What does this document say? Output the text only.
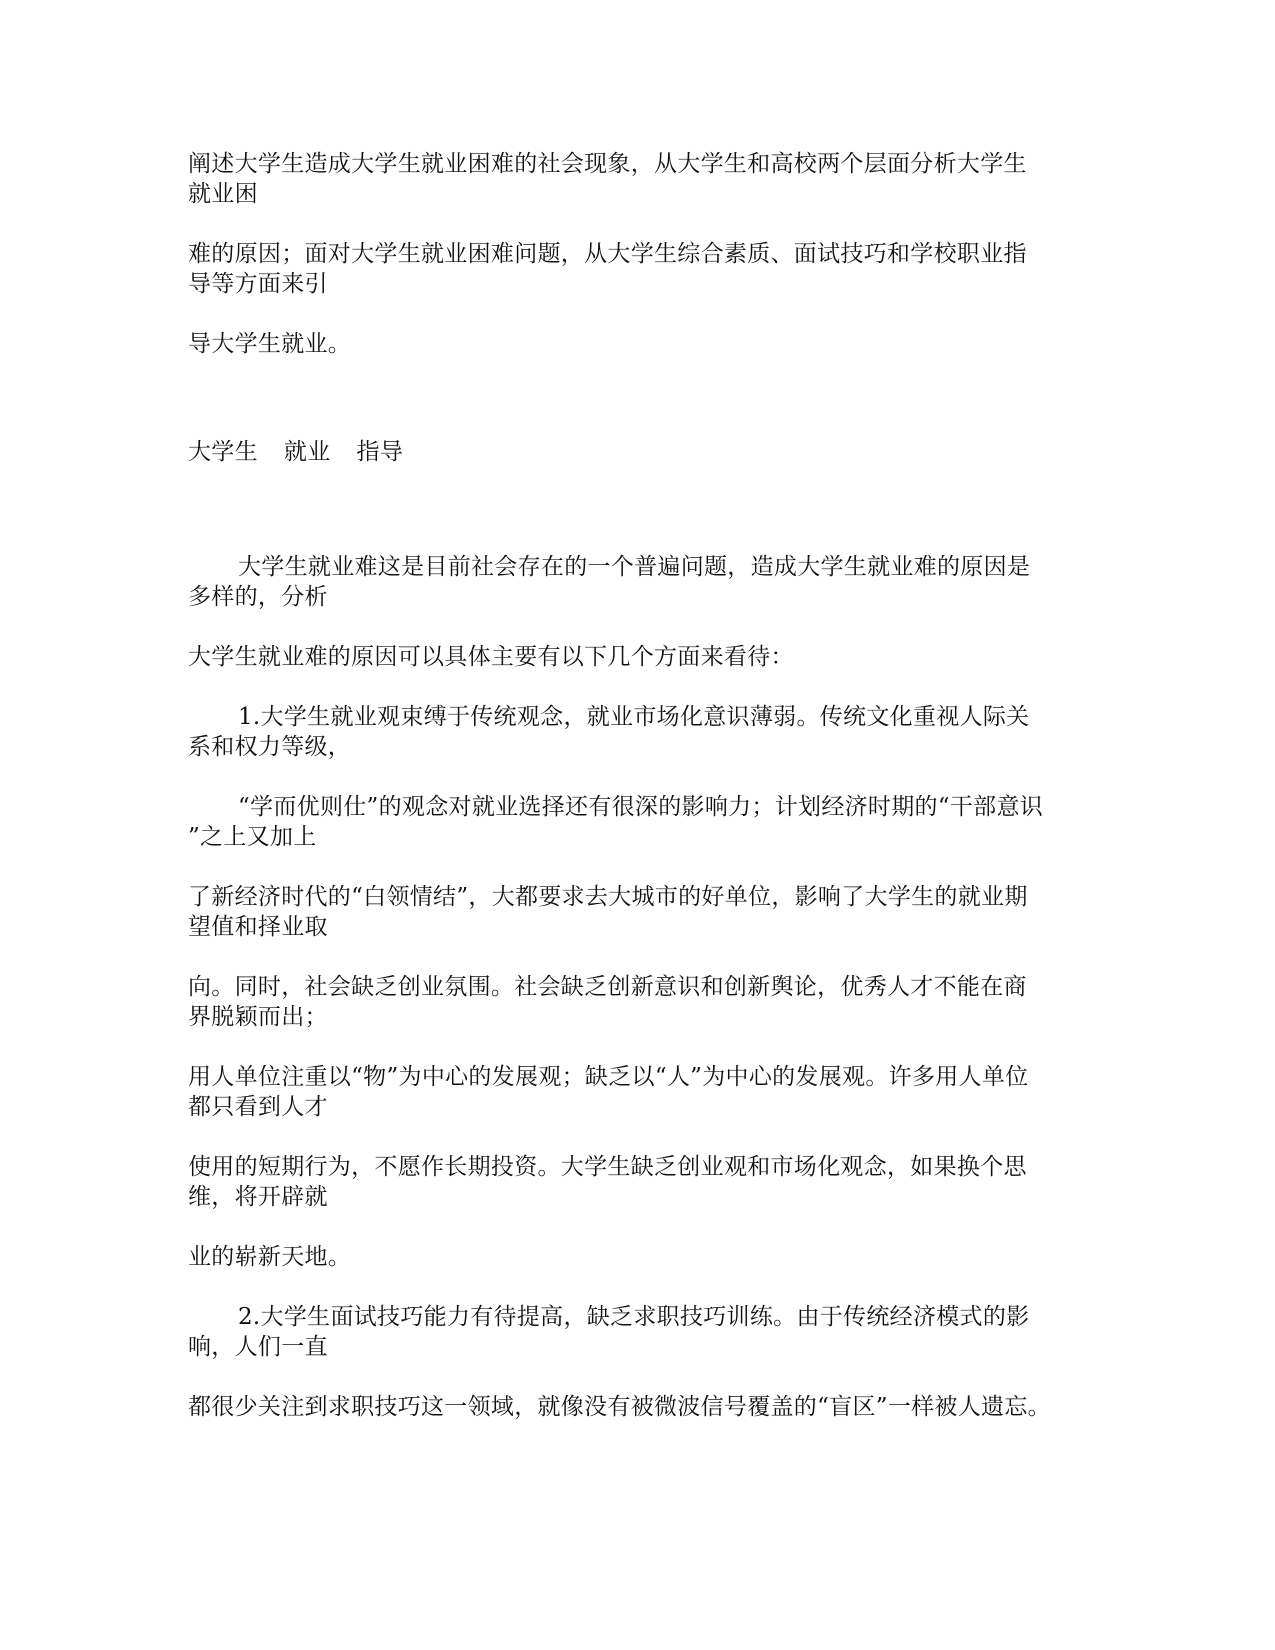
阐述大学生造成大学生就业困难的社会现象，从大学生和高校两个层面分析大学生
就业困
难的原因；面对大学生就业困难问题，从大学生综合素质、面试技巧和学校职业指
导等方面来引
导大学生就业。
大学生 就业 指导
大学生就业难这是目前社会存在的一个普遍问题，造成大学生就业难的原因是
多样的，分析
大学生就业难的原因可以具体主要有以下几个方面来看待：
1.大学生就业观束缚于传统观念，就业市场化意识薄弱。传统文化重视人际关
系和权力等级，
“学而优则仕”的观念对就业选择还有很深的影响力；计划经济时期的“干部意识
”之上又加上
了新经济时代的“白领情结”，大都要求去大城市的好单位，影响了大学生的就业期
望值和择业取
向。同时，社会缺乏创业氛围。社会缺乏创新意识和创新舆论，优秀人才不能在商
界脱颖而出；
用人单位注重以“物”为中心的发展观；缺乏以“人”为中心的发展观。许多用人单位
都只看到人才
使用的短期行为，不愿作长期投资。大学生缺乏创业观和市场化观念，如果换个思
维，将开辟就
业的崭新天地。
2.大学生面试技巧能力有待提高，缺乏求职技巧训练。由于传统经济模式的影
响，人们一直
都很少关注到求职技巧这一领域，就像没有被微波信号覆盖的“盲区”一样被人遗忘。
